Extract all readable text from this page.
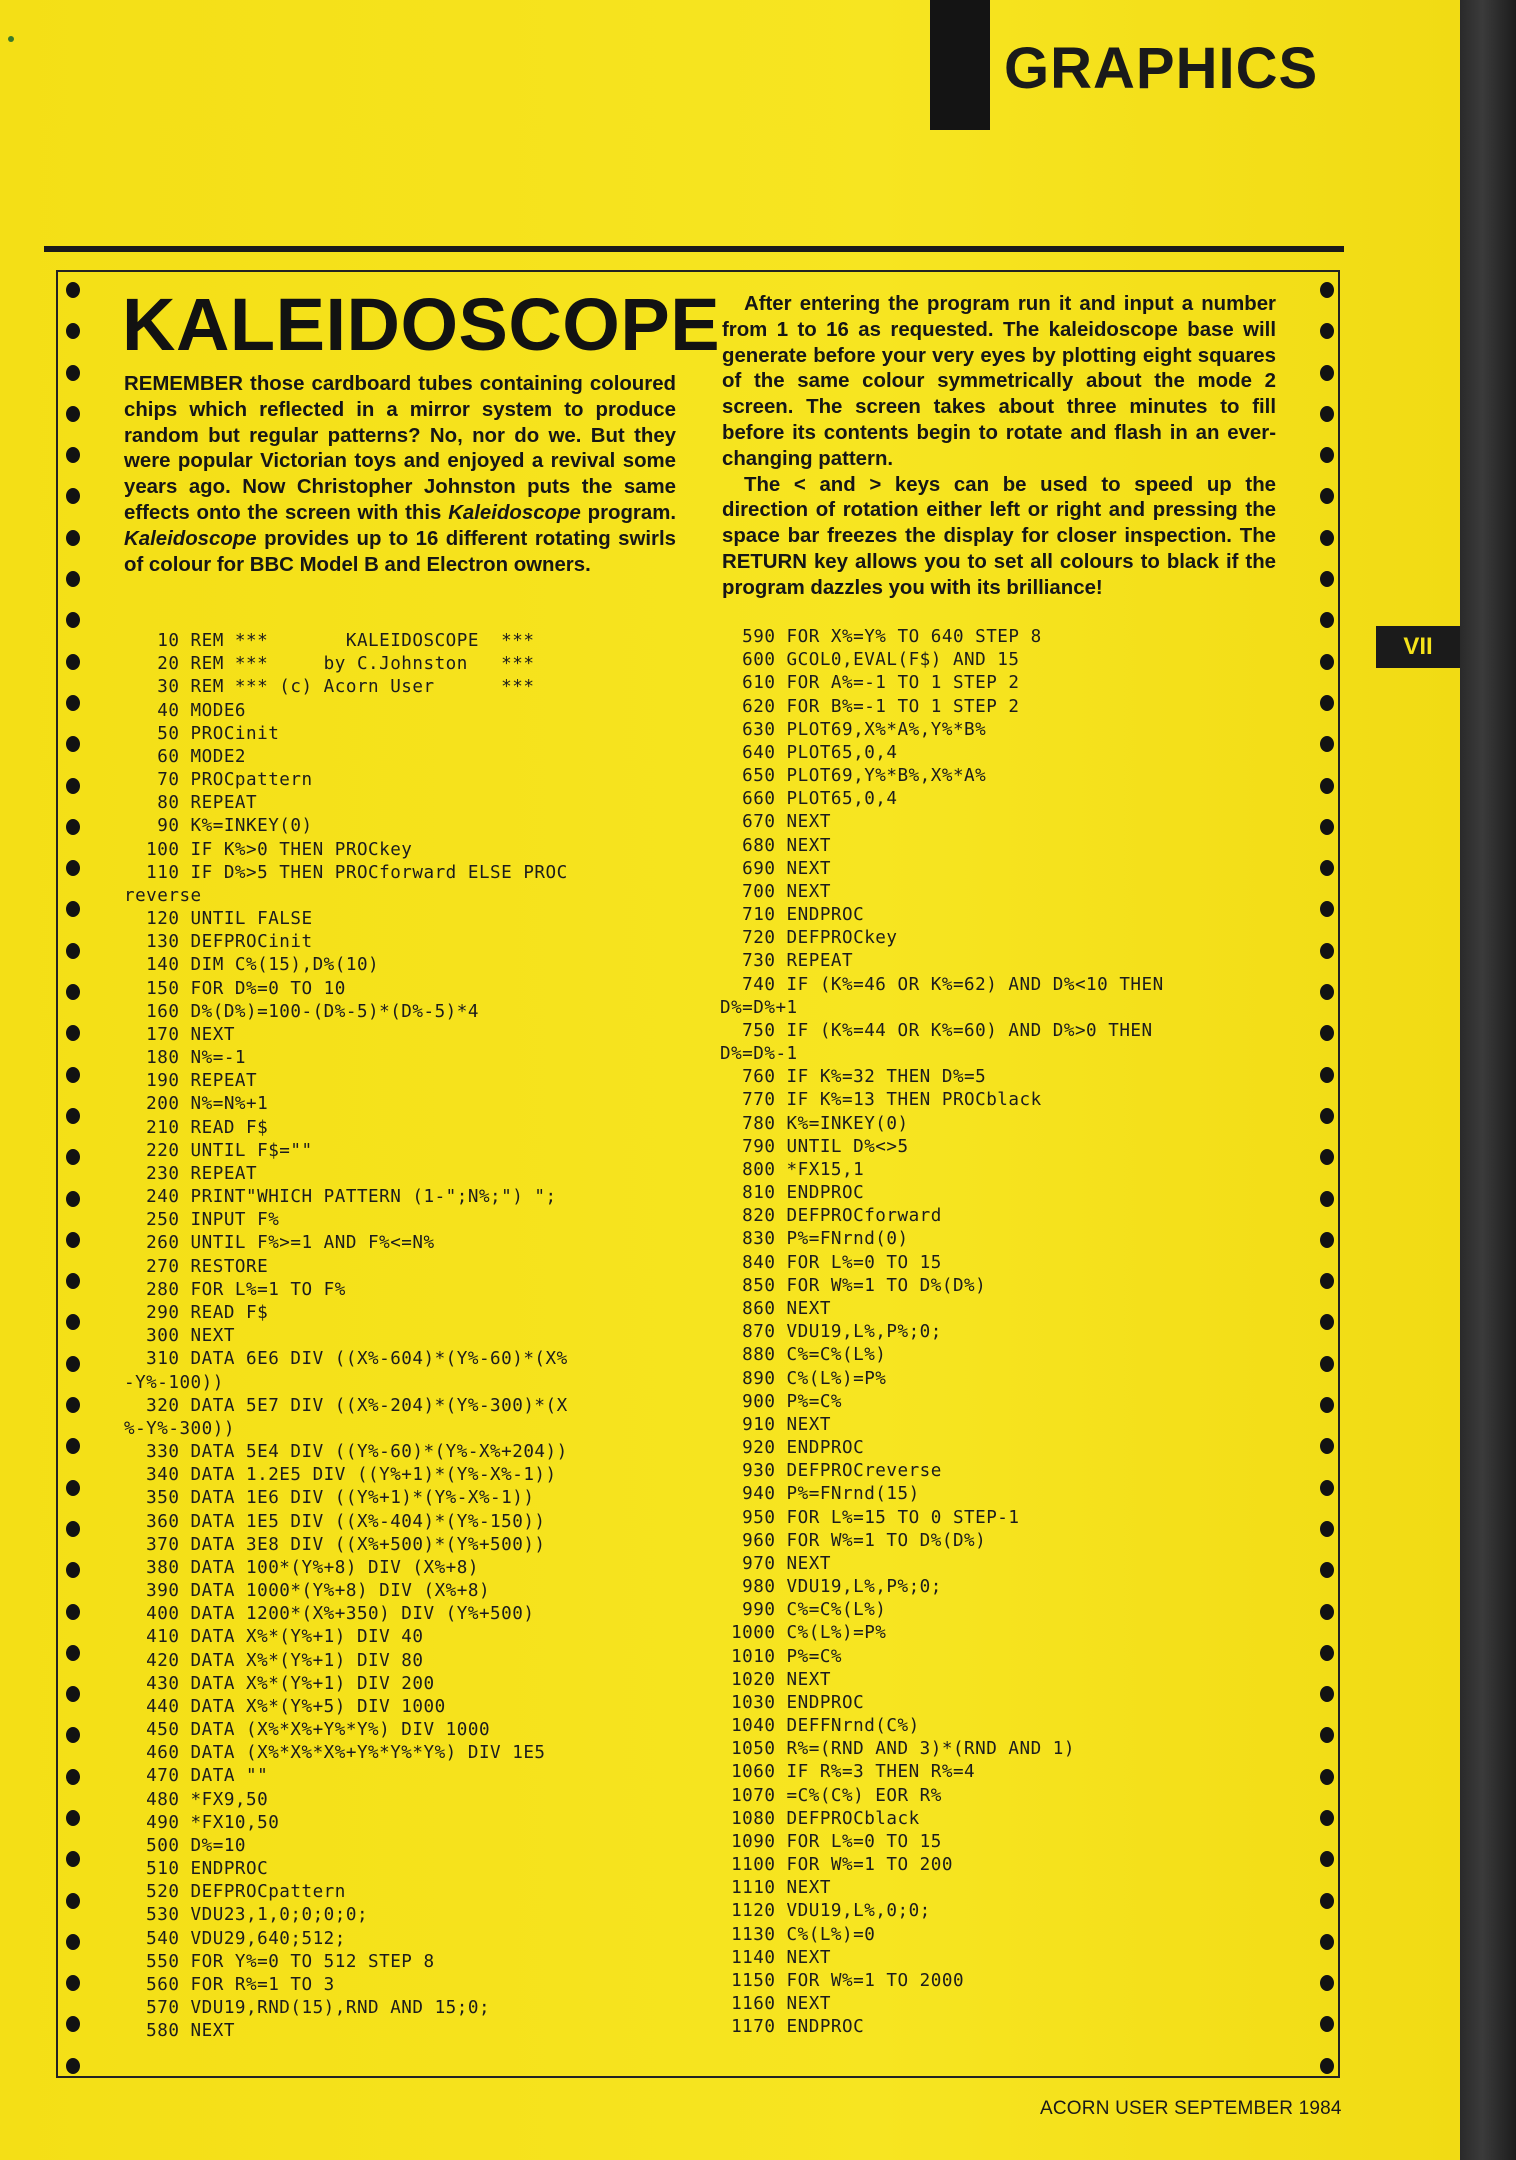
GRAPHICS
VII
KALEIDOSCOPE
REMEMBER those cardboard tubes containing coloured chips which reflected in a mirror system to produce random but regular patterns? No, nor do we. But they were popular Victorian toys and enjoyed a revival some years ago. Now Christopher Johnston puts the same effects onto the screen with this Kaleidoscope program. Kaleidoscope provides up to 16 different rotating swirls of colour for BBC Model B and Electron owners.

After entering the program run it and input a number from 1 to 16 as requested. The kaleidoscope base will generate before your very eyes by plotting eight squares of the same colour symmetrically about the mode 2 screen. The screen takes about three minutes to fill before its contents begin to rotate and flash in an ever-changing pattern.

The < and > keys can be used to speed up the direction of rotation either left or right and pressing the space bar freezes the display for closer inspection. The RETURN key allows you to set all colours to black if the program dazzles you with its brilliance!

10 REM ***       KALEIDOSCOPE  ***
20 REM ***     by C.Johnston   ***
30 REM *** (c) Acorn User      ***
40 MODE6
50 PROCinit
60 MODE2
70 PROCpattern
80 REPEAT
90 K%=INKEY(0)
100 IF K%>0 THEN PROCkey
110 IF D%>5 THEN PROCforward ELSE PROC
reverse
120 UNTIL FALSE
130 DEFPROCinit
140 DIM C%(15),D%(10)
150 FOR D%=0 TO 10
160 D%(D%)=100-(D%-5)*(D%-5)*4
170 NEXT
180 N%=-1
190 REPEAT
200 N%=N%+1
210 READ F$
220 UNTIL F$=""
230 REPEAT
240 PRINT"WHICH PATTERN (1-";N%;") ";
250 INPUT F%
260 UNTIL F%>=1 AND F%<=N%
270 RESTORE
280 FOR L%=1 TO F%
290 READ F$
300 NEXT
310 DATA 6E6 DIV ((X%-604)*(Y%-60)*(X%
-Y%-100))
320 DATA 5E7 DIV ((X%-204)*(Y%-300)*(X
%-Y%-300))
330 DATA 5E4 DIV ((Y%-60)*(Y%-X%+204))
340 DATA 1.2E5 DIV ((Y%+1)*(Y%-X%-1))
350 DATA 1E6 DIV ((Y%+1)*(Y%-X%-1))
360 DATA 1E5 DIV ((X%-404)*(Y%-150))
370 DATA 3E8 DIV ((X%+500)*(Y%+500))
380 DATA 100*(Y%+8) DIV (X%+8)
390 DATA 1000*(Y%+8) DIV (X%+8)
400 DATA 1200*(X%+350) DIV (Y%+500)
410 DATA X%*(Y%+1) DIV 40
420 DATA X%*(Y%+1) DIV 80
430 DATA X%*(Y%+1) DIV 200
440 DATA X%*(Y%+5) DIV 1000
450 DATA (X%*X%+Y%*Y%) DIV 1000
460 DATA (X%*X%*X%+Y%*Y%*Y%) DIV 1E5
470 DATA ""
480 *FX9,50
490 *FX10,50
500 D%=10
510 ENDPROC
520 DEFPROCpattern
530 VDU23,1,0;0;0;0;
540 VDU29,640;512;
550 FOR Y%=0 TO 512 STEP 8
560 FOR R%=1 TO 3
570 VDU19,RND(15),RND AND 15;0;
580 NEXT
590 FOR X%=Y% TO 640 STEP 8
600 GCOL0,EVAL(F$) AND 15
610 FOR A%=-1 TO 1 STEP 2
620 FOR B%=-1 TO 1 STEP 2
630 PLOT69,X%*A%,Y%*B%
640 PLOT65,0,4
650 PLOT69,Y%*B%,X%*A%
660 PLOT65,0,4
670 NEXT
680 NEXT
690 NEXT
700 NEXT
710 ENDPROC
720 DEFPROCkey
730 REPEAT
740 IF (K%=46 OR K%=62) AND D%<10 THEN
D%=D%+1
750 IF (K%=44 OR K%=60) AND D%>0 THEN
D%=D%-1
760 IF K%=32 THEN D%=5
770 IF K%=13 THEN PROCblack
780 K%=INKEY(0)
790 UNTIL D%<>5
800 *FX15,1
810 ENDPROC
820 DEFPROCforward
830 P%=FNrnd(0)
840 FOR L%=0 TO 15
850 FOR W%=1 TO D%(D%)
860 NEXT
870 VDU19,L%,P%;0;
880 C%=C%(L%)
890 C%(L%)=P%
900 P%=C%
910 NEXT
920 ENDPROC
930 DEFPROCreverse
940 P%=FNrnd(15)
950 FOR L%=15 TO 0 STEP-1
960 FOR W%=1 TO D%(D%)
970 NEXT
980 VDU19,L%,P%;0;
990 C%=C%(L%)
1000 C%(L%)=P%
1010 P%=C%
1020 NEXT
1030 ENDPROC
1040 DEFFNrnd(C%)
1050 R%=(RND AND 3)*(RND AND 1)
1060 IF R%=3 THEN R%=4
1070 =C%(C%) EOR R%
1080 DEFPROCblack
1090 FOR L%=0 TO 15
1100 FOR W%=1 TO 200
1110 NEXT
1120 VDU19,L%,0;0;
1130 C%(L%)=0
1140 NEXT
1150 FOR W%=1 TO 2000
1160 NEXT
1170 ENDPROC
ACORN USER SEPTEMBER 1984
